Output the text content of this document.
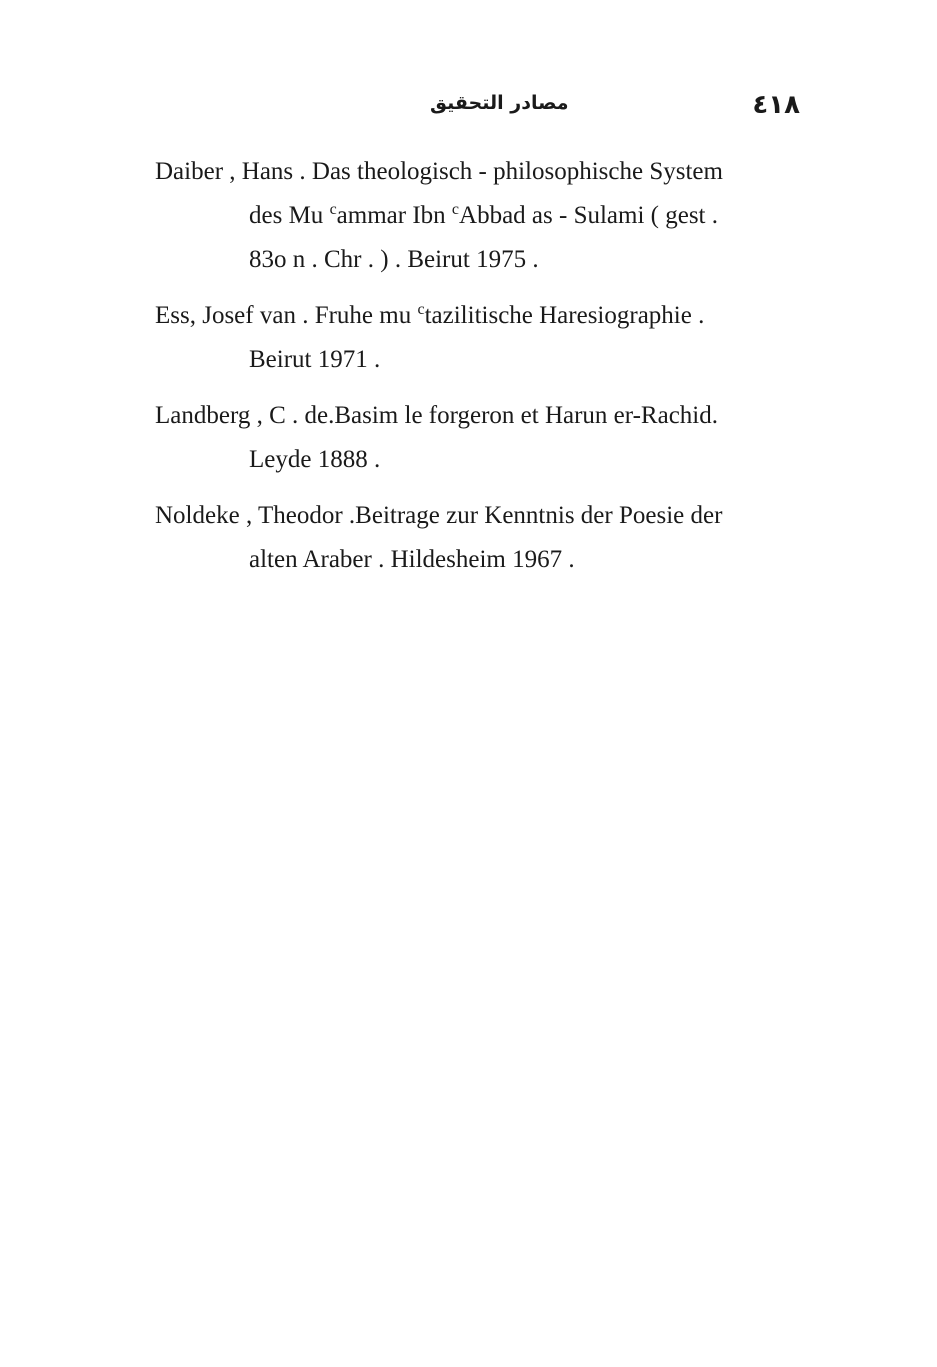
مصادر التحقيق	٤١٨
Daiber , Hans . Das theologisch - philosophische System
des Mu $^c$ammar Ibn $^c$Abbad as - Sulami ( gest .
83o n . Chr . ) . Beirut 1975 .
Ess, Josef van . Fruhe mu $^c$tazilitische Haresiographie .
Beirut 1971 .
Landberg , C . de.Basim le forgeron et Harun er-Rachid.
Leyde 1888 .
Noldeke , Theodor .Beitrage zur Kenntnis der Poesie der
alten Araber . Hildesheim 1967 .
